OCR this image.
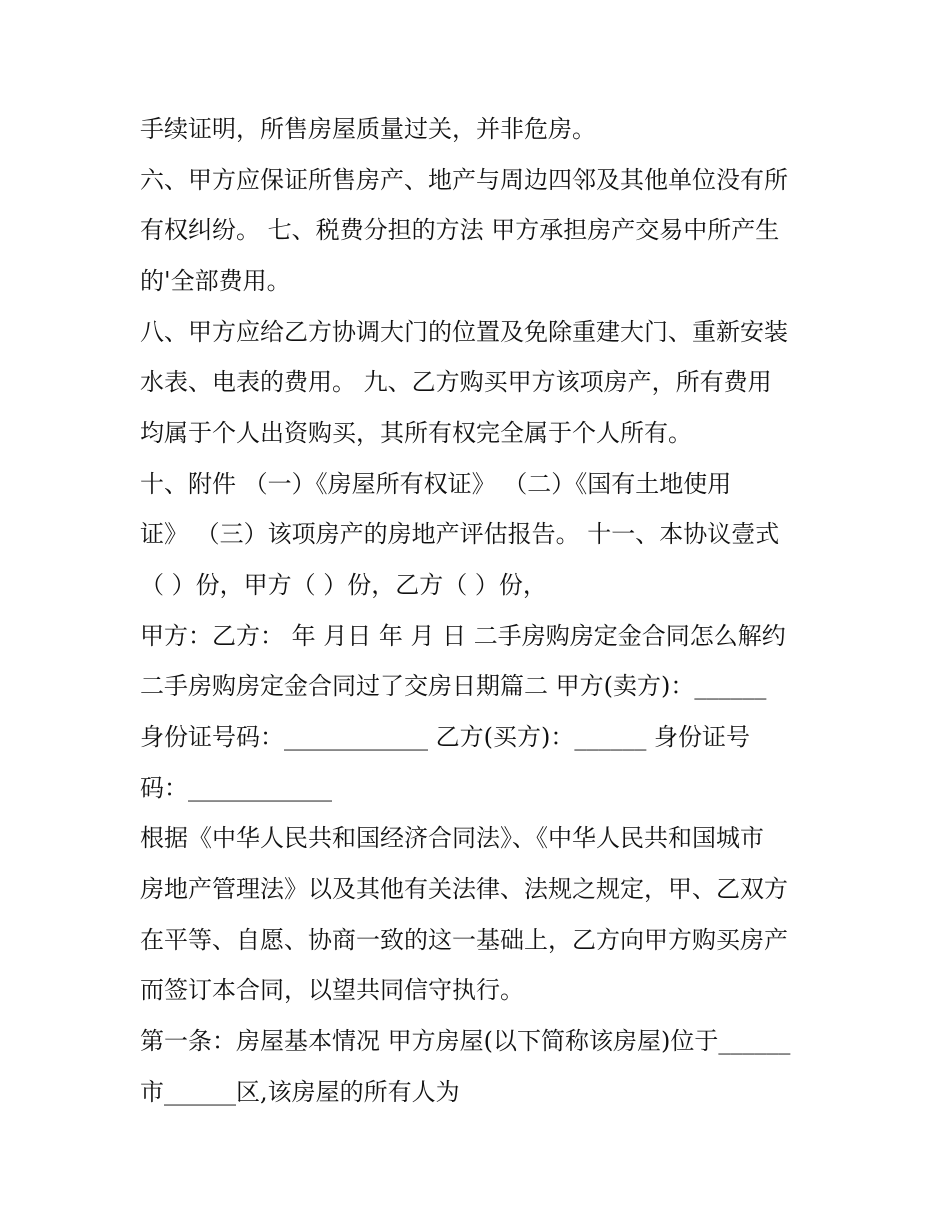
手续证明，所售房屋质量过关，并非危房。
六、甲方应保证所售房产、地产与周边四邻及其他单位没有所
有权纠纷。 七、税费分担的方法 甲方承担房产交易中所产生
的'全部费用。
八、甲方应给乙方协调大门的位置及免除重建大门、重新安装
水表、电表的费用。 九、乙方购买甲方该项房产，所有费用
均属于个人出资购买，其所有权完全属于个人所有。
十、附件 （一）《房屋所有权证》 （二）《国有土地使用
证》 （三）该项房产的房地产评估报告。 十一、本协议壹式
（ ）份，甲方（ ）份，乙方（ ）份，
甲方：乙方： 年 月日 年 月 日 二手房购房定金合同怎么解约
二手房购房定金合同过了交房日期篇二 甲方(卖方)：______
身份证号码：____________ 乙方(买方)：______ 身份证号
码：____________
根据《中华人民共和国经济合同法》、《中华人民共和国城市
房地产管理法》以及其他有关法律、法规之规定，甲、乙双方
在平等、自愿、协商一致的这一基础上，乙方向甲方购买房产
而签订本合同，以望共同信守执行。
第一条：房屋基本情况 甲方房屋(以下简称该房屋)位于______
市______区,该房屋的所有人为
